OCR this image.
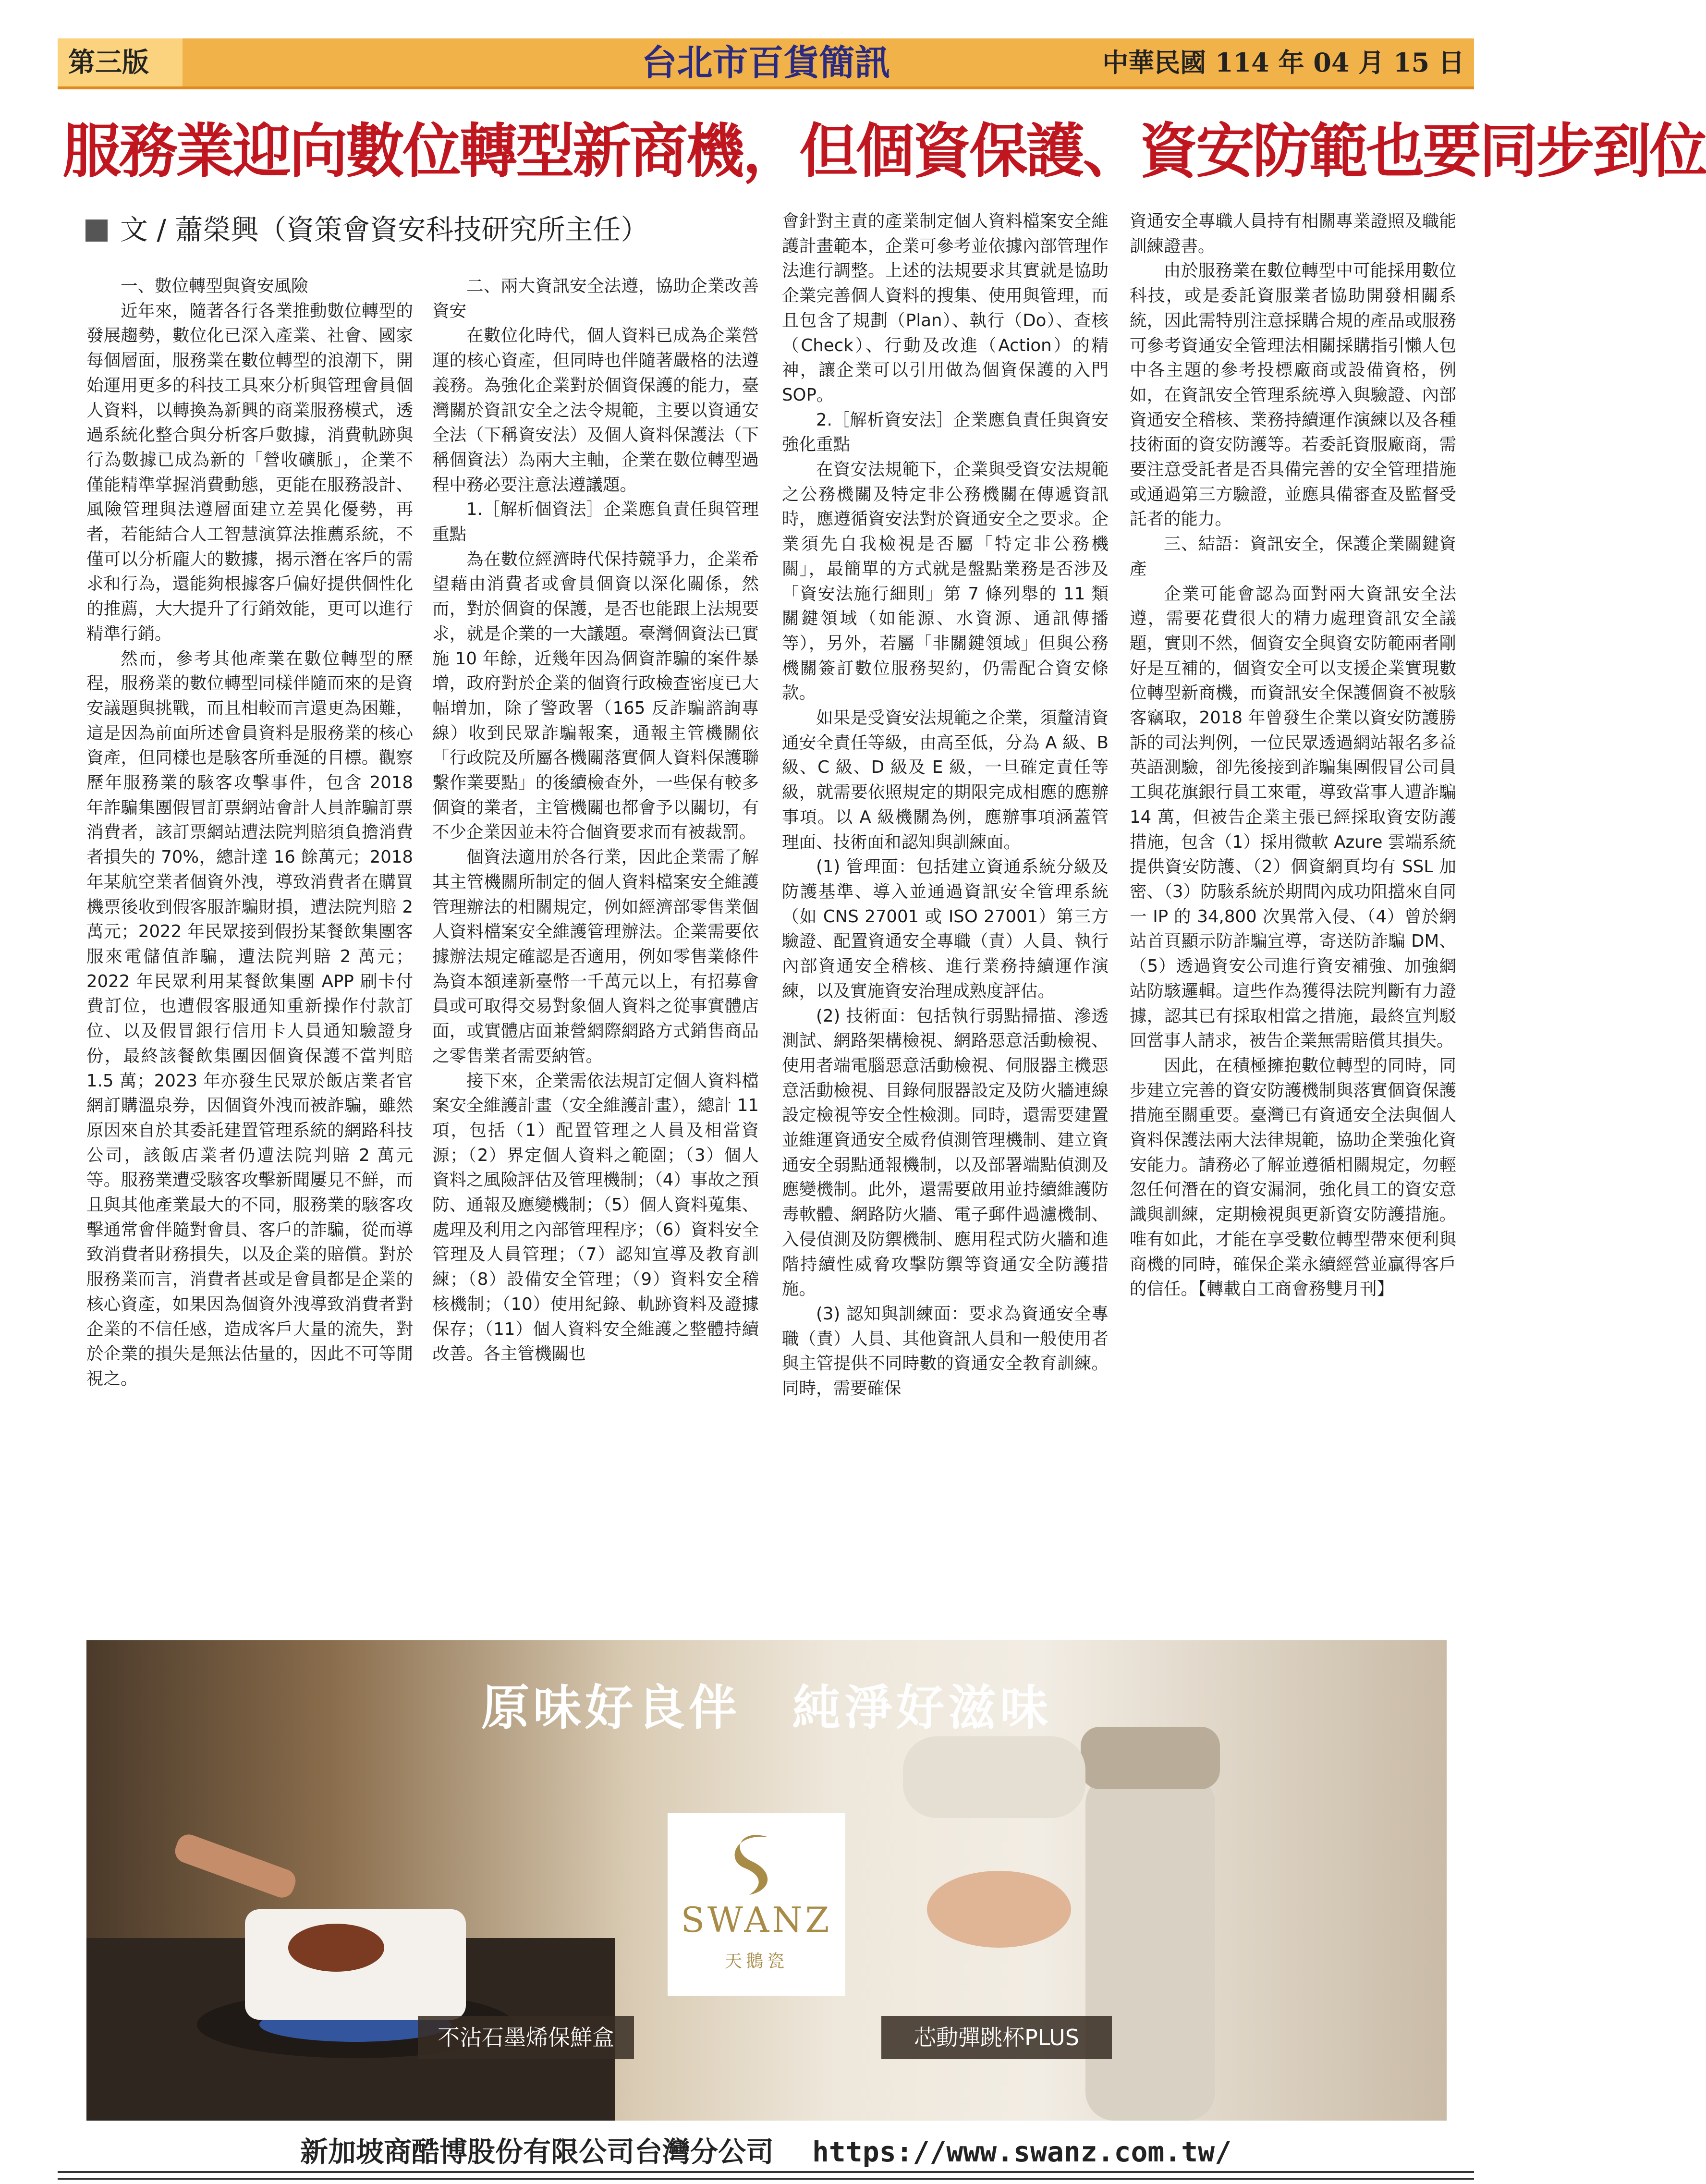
第三版	台北市百貨簡訊	中華民國 114 年 04 月 15 日
服務業迎向數位轉型新商機，但個資保護、資安防範也要同步到位
文 / 蕭榮興（資策會資安科技研究所主任）

一、數位轉型與資安風險

近年來，隨著各行各業推動數位轉型的發展趨勢，數位化已深入產業、社會、國家每個層面，服務業在數位轉型的浪潮下，開始運用更多的科技工具來分析與管理會員個人資料，以轉換為新興的商業服務模式，透過系統化整合與分析客戶數據，消費軌跡與行為數據已成為新的「營收礦脈」，企業不僅能精準掌握消費動態，更能在服務設計、風險管理與法遵層面建立差異化優勢，再者，若能結合人工智慧演算法推薦系統，不僅可以分析龐大的數據，揭示潛在客戶的需求和行為，還能夠根據客戶偏好提供個性化的推薦，大大提升了行銷效能，更可以進行精準行銷。

然而，參考其他產業在數位轉型的歷程，服務業的數位轉型同樣伴隨而來的是資安議題與挑戰，而且相較而言還更為困難，這是因為前面所述會員資料是服務業的核心資產，但同樣也是駭客所垂涎的目標。觀察歷年服務業的駭客攻擊事件，包含 2018 年詐騙集團假冒訂票網站會計人員詐騙訂票消費者，該訂票網站遭法院判賠須負擔消費者損失的 70%，總計達 16 餘萬元；2018 年某航空業者個資外洩，導致消費者在購買機票後收到假客服詐騙財損，遭法院判賠 2 萬元；2022 年民眾接到假扮某餐飲集團客服來電儲值詐騙，遭法院判賠 2 萬元；2022 年民眾利用某餐飲集團 APP 刷卡付費訂位，也遭假客服通知重新操作付款訂位、以及假冒銀行信用卡人員通知驗證身份，最終該餐飲集團因個資保護不當判賠 1.5 萬；2023 年亦發生民眾於飯店業者官網訂購溫泉券，因個資外洩而被詐騙，雖然原因來自於其委託建置管理系統的網路科技公司，該飯店業者仍遭法院判賠 2 萬元等。服務業遭受駭客攻擊新聞屢見不鮮，而且與其他產業最大的不同，服務業的駭客攻擊通常會伴隨對會員、客戶的詐騙，從而導致消費者財務損失，以及企業的賠償。對於服務業而言，消費者甚或是會員都是企業的核心資產，如果因為個資外洩導致消費者對企業的不信任感，造成客戶大量的流失，對於企業的損失是無法估量的，因此不可等閒視之。

二、兩大資訊安全法遵，協助企業改善資安

在數位化時代，個人資料已成為企業營運的核心資產，但同時也伴隨著嚴格的法遵義務。為強化企業對於個資保護的能力，臺灣關於資訊安全之法令規範，主要以資通安全法（下稱資安法）及個人資料保護法（下稱個資法）為兩大主軸，企業在數位轉型過程中務必要注意法遵議題。

1.［解析個資法］企業應負責任與管理重點

為在數位經濟時代保持競爭力，企業希望藉由消費者或會員個資以深化關係，然而，對於個資的保護，是否也能跟上法規要求，就是企業的一大議題。臺灣個資法已實施 10 年餘，近幾年因為個資詐騙的案件暴增，政府對於企業的個資行政檢查密度已大幅增加，除了警政署（165 反詐騙諮詢專線）收到民眾詐騙報案，通報主管機關依「行政院及所屬各機關落實個人資料保護聯繫作業要點」的後續檢查外，一些保有較多個資的業者，主管機關也都會予以關切，有不少企業因並未符合個資要求而有被裁罰。

個資法適用於各行業，因此企業需了解其主管機關所制定的個人資料檔案安全維護管理辦法的相關規定，例如經濟部零售業個人資料檔案安全維護管理辦法。企業需要依據辦法規定確認是否適用，例如零售業條件為資本額達新臺幣一千萬元以上，有招募會員或可取得交易對象個人資料之從事實體店面，或實體店面兼營網際網路方式銷售商品之零售業者需要納管。

接下來，企業需依法規訂定個人資料檔案安全維護計畫（安全維護計畫），總計 11 項，包括（1）配置管理之人員及相當資源；（2）界定個人資料之範圍；（3）個人資料之風險評估及管理機制；（4）事故之預防、通報及應變機制；（5）個人資料蒐集、處理及利用之內部管理程序；（6）資料安全管理及人員管理；（7）認知宣導及教育訓練；（8）設備安全管理；（9）資料安全稽核機制；（10）使用紀錄、軌跡資料及證據保存；（11）個人資料安全維護之整體持續改善。各主管機關也

會針對主責的產業制定個人資料檔案安全維護計畫範本，企業可參考並依據內部管理作法進行調整。上述的法規要求其實就是協助企業完善個人資料的搜集、使用與管理，而且包含了規劃（Plan）、執行（Do）、查核（Check）、行動及改進（Action）的精神，讓企業可以引用做為個資保護的入門 SOP。

2.［解析資安法］企業應負責任與資安強化重點

在資安法規範下，企業與受資安法規範之公務機關及特定非公務機關在傳遞資訊時，應遵循資安法對於資通安全之要求。企業須先自我檢視是否屬「特定非公務機關」，最簡單的方式就是盤點業務是否涉及「資安法施行細則」第 7 條列舉的 11 類關鍵領域（如能源、水資源、通訊傳播等），另外，若屬「非關鍵領域」但與公務機關簽訂數位服務契約，仍需配合資安條款。

如果是受資安法規範之企業，須釐清資通安全責任等級，由高至低，分為 A 級、B 級、C 級、D 級及 E 級，一旦確定責任等級，就需要依照規定的期限完成相應的應辦事項。以 A 級機關為例，應辦事項涵蓋管理面、技術面和認知與訓練面。

(1) 管理面：包括建立資通系統分級及防護基準、導入並通過資訊安全管理系統（如 CNS 27001 或 ISO 27001）第三方驗證、配置資通安全專職（責）人員、執行內部資通安全稽核、進行業務持續運作演練，以及實施資安治理成熟度評估。

(2) 技術面：包括執行弱點掃描、滲透測試、網路架構檢視、網路惡意活動檢視、使用者端電腦惡意活動檢視、伺服器主機惡意活動檢視、目錄伺服器設定及防火牆連線設定檢視等安全性檢測。同時，還需要建置並維運資通安全威脅偵測管理機制、建立資通安全弱點通報機制，以及部署端點偵測及應變機制。此外，還需要啟用並持續維護防毒軟體、網路防火牆、電子郵件過濾機制、入侵偵測及防禦機制、應用程式防火牆和進階持續性威脅攻擊防禦等資通安全防護措施。

(3) 認知與訓練面：要求為資通安全專職（責）人員、其他資訊人員和一般使用者與主管提供不同時數的資通安全教育訓練。同時，需要確保

資通安全專職人員持有相關專業證照及職能訓練證書。

由於服務業在數位轉型中可能採用數位科技，或是委託資服業者協助開發相關系統，因此需特別注意採購合規的產品或服務可參考資通安全管理法相關採購指引懶人包中各主題的參考投標廠商或設備資格，例如，在資訊安全管理系統導入與驗證、內部資通安全稽核、業務持續運作演練以及各種技術面的資安防護等。若委託資服廠商，需要注意受託者是否具備完善的安全管理措施或通過第三方驗證，並應具備審查及監督受託者的能力。

三、結語：資訊安全，保護企業關鍵資產

企業可能會認為面對兩大資訊安全法遵，需要花費很大的精力處理資訊安全議題，實則不然，個資安全與資安防範兩者剛好是互補的，個資安全可以支援企業實現數位轉型新商機，而資訊安全保護個資不被駭客竊取，2018 年曾發生企業以資安防護勝訴的司法判例，一位民眾透過網站報名多益英語測驗，卻先後接到詐騙集團假冒公司員工與花旗銀行員工來電，導致當事人遭詐騙 14 萬，但被告企業主張已經採取資安防護措施，包含（1）採用微軟 Azure 雲端系統提供資安防護、（2）個資網頁均有 SSL 加密、（3）防駭系統於期間內成功阻擋來自同一 IP 的 34,800 次異常入侵、（4）曾於網站首頁顯示防詐騙宣導，寄送防詐騙 DM、（5）透過資安公司進行資安補強、加強網站防駭邏輯。這些作為獲得法院判斷有力證據，認其已有採取相當之措施，最終宣判駁回當事人請求，被告企業無需賠償其損失。

因此，在積極擁抱數位轉型的同時，同步建立完善的資安防護機制與落實個資保護措施至關重要。臺灣已有資通安全法與個人資料保護法兩大法律規範，協助企業強化資安能力。請務必了解並遵循相關規定，勿輕忽任何潛在的資安漏洞，強化員工的資安意識與訓練，定期檢視與更新資安防護措施。唯有如此，才能在享受數位轉型帶來便利與商機的同時，確保企業永續經營並贏得客戶的信任。【轉載自工商會務雙月刊】

原味好良伴　純淨好滋味
SWANZ
天鵝瓷
不沾石墨烯保鮮盒	芯動彈跳杯PLUS
新加坡商酷博股份有限公司台灣分公司 https://www.swanz.com.tw/
